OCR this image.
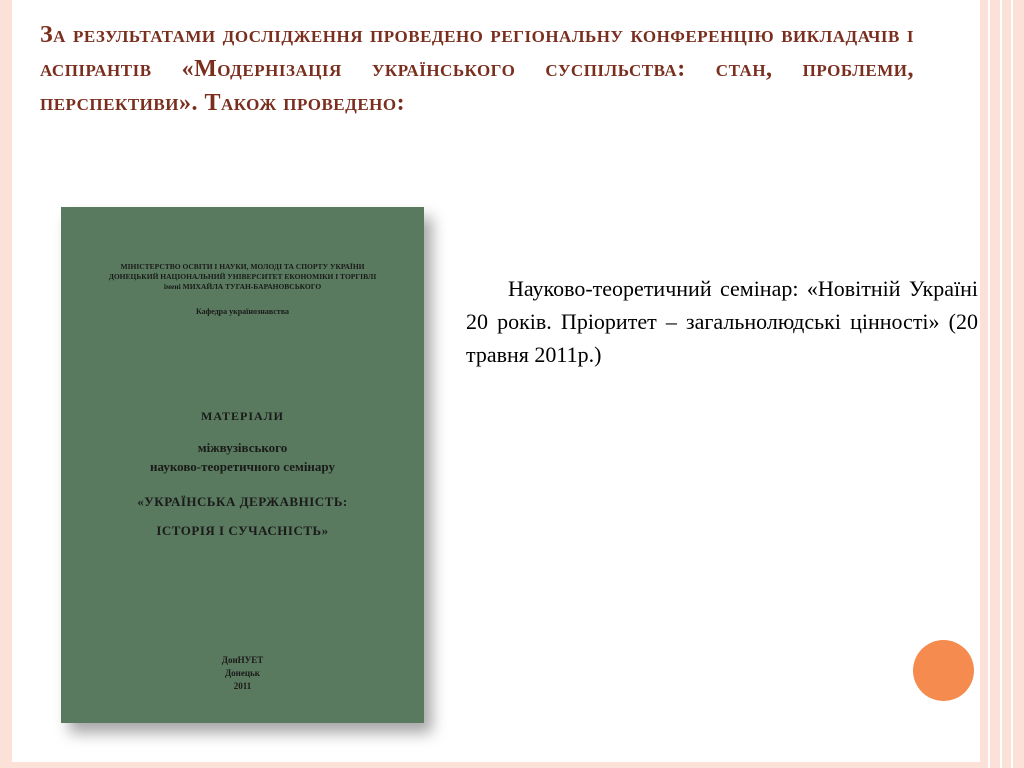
За результатами дослідження проведено регіональну конференцію викладачів і аспірантів «Модернізація українського суспільства: стан, проблеми, перспективи». Також проведено:
МІНІСТЕРСТВО ОСВІТИ І НАУКИ, МОЛОДІ ТА СПОРТУ УКРАЇНИ
ДОНЕЦЬКИЙ НАЦІОНАЛЬНИЙ УНІВЕРСИТЕТ ЕКОНОМІКИ І ТОРГІВЛІ
імені МИХАЙЛА ТУГАН-БАРАНОВСЬКОГО
Кафедра українознавства
МАТЕРІАЛИ
міжвузівського
науково-теоретичного семінару
«УКРАЇНСЬКА ДЕРЖАВНІСТЬ:
ІСТОРІЯ І СУЧАСНІСТЬ»
ДонНУЕТ
Донецьк
2011

Науково-теоретичний семінар: «Новітній Україні 20 років. Пріоритет – загальнолюдські цінності» (20 травня 2011р.)
